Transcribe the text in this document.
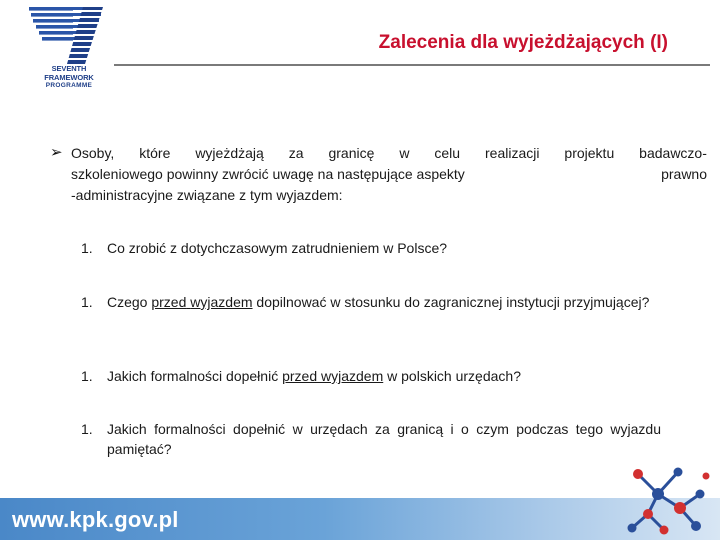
SEVENTH FRAMEWORK
PROGRAMME
Zalecenia dla wyjeżdżających (I)
➢ Osoby, które wyjeżdżają za granicę w celu realizacji projektu badawczo-
szkoleniowego powinny zwrócić uwagę na następujące aspekty	prawno
-administracyjne związane z tym wyjazdem:
1. Co zrobić z dotychczasowym zatrudnieniem w Polsce?
1. Czego przed wyjazdem dopilnować w stosunku do zagranicznej instytucji przyjmującej?
1. Jakich formalności dopełnić przed wyjazdem w polskich urzędach?
1. Jakich formalności dopełnić w urzędach za granicą i o czym podczas tego wyjazdu pamiętać?
www.kpk.gov.pl
